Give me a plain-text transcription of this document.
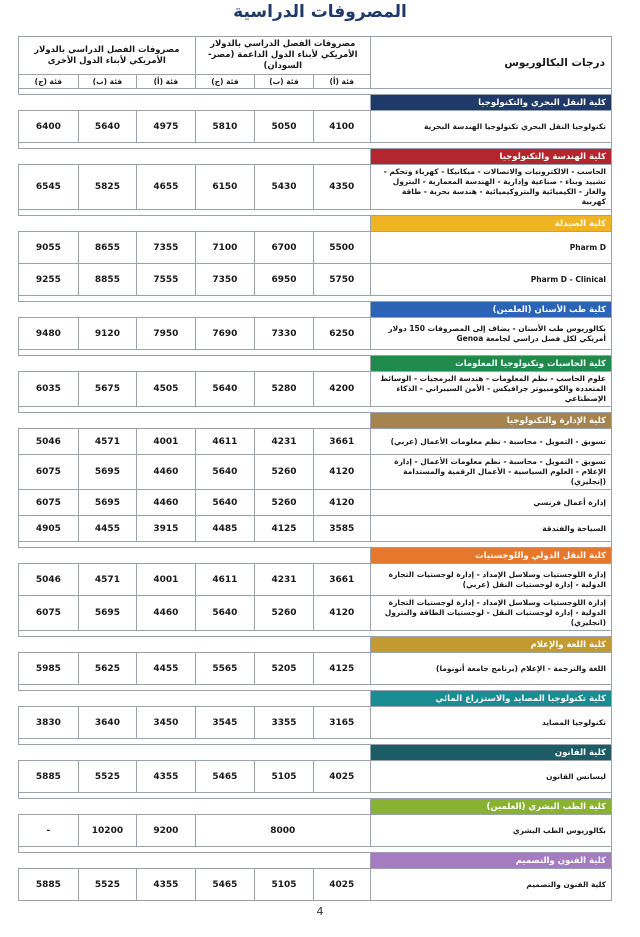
المصروفات الدراسية
درجات البكالوريوس	مصروفات الفصل الدراسي بالدولار الأمريكي لأبناء الدول الداعمة (مصر-السودان)			مصروفات الفصل الدراسي بالدولار الأمريكي لأبناء الدول الأخرى		
	فئة (أ)	فئة (ب)	فئة (ج)	فئة (أ)	فئة (ب)	فئة (ج)

كلية النقل البحري والتكنولوجيا						
تكنولوجيا النقل البحري تكنولوجيا الهندسة البحرية	4100	5050	5810	4975	5640	6400

كلية الهندسة والتكنولوجيا						
الحاسب - الالكترونيات والاتصالات - ميكانيكا - كهرباء وتحكم - تشييد وبناء - صناعية وإدارية - الهندسة المعمارية - البترول والغاز - الكيميائية والبتروكيميائية - هندسة بحرية - طاقة كهربية	4350	5430	6150	4655	5825	6545

كلية الصيدلة						
Pharm D	5500	6700	7100	7355	8655	9055
Pharm D - Clinical	5750	6950	7350	7555	8855	9255

كلية طب الأسنان (العلمين)						
بكالوريوس طب الأسنان - يضاف إلى المصروفات 150 دولار أمريكي لكل فصل دراسي لجامعة Genoa	6250	7330	7690	7950	9120	9480

كلية الحاسبات وتكنولوجيا المعلومات						
علوم الحاسب - نظم المعلومات - هندسة البرمجيات - الوسائط المتعددة والكومبيوتر جرافيكس - الأمن السيبراني - الذكاء الإصطناعي	4200	5280	5640	4505	5675	6035

كلية الإدارة والتكنولوجيا						
تسويق - التمويل - محاسبة - نظم معلومات الأعمال (عربي)	3661	4231	4611	4001	4571	5046
تسويق - التمويل - محاسبة - نظم معلومات الأعمال - إدارة الإعلام - العلوم السياسية - الأعمال الرقمية والمستدامة (إنجليزي)	4120	5260	5640	4460	5695	6075
إدارة أعمال فرنسي	4120	5260	5640	4460	5695	6075
السياحة والفندقة	3585	4125	4485	3915	4455	4905

كلية النقل الدولي واللوجستيات						
إدارة اللوجستيات وسلاسل الإمداد - إدارة لوجستيات التجارة الدولية - إدارة لوجستيات النقل (عربي)	3661	4231	4611	4001	4571	5046
إدارة اللوجستيات وسلاسل الإمداد - إدارة لوجستيات التجارة الدولية - إدارة لوجستيات النقل - لوجستيات الطاقة والبترول (انجليزي)	4120	5260	5640	4460	5695	6075

كلية اللغة والإعلام						
اللغة والترجمة - الإعلام (برنامج جامعة أتونوما)	4125	5205	5565	4455	5625	5985

كلية تكنولوجيا المصايد والاستزراع المائي						
تكنولوجيا المصايد	3165	3355	3545	3450	3640	3830

كلية القانون						
ليسانس القانون	4025	5105	5465	4355	5525	5885

كلية الطب البشري (العلمين)						
بكالوريوس الطب البشري	8000			9200	10200	-

كلية الفنون والتصميم						
كلية الفنون والتصميم	4025	5105	5465	4355	5525	5885
4
